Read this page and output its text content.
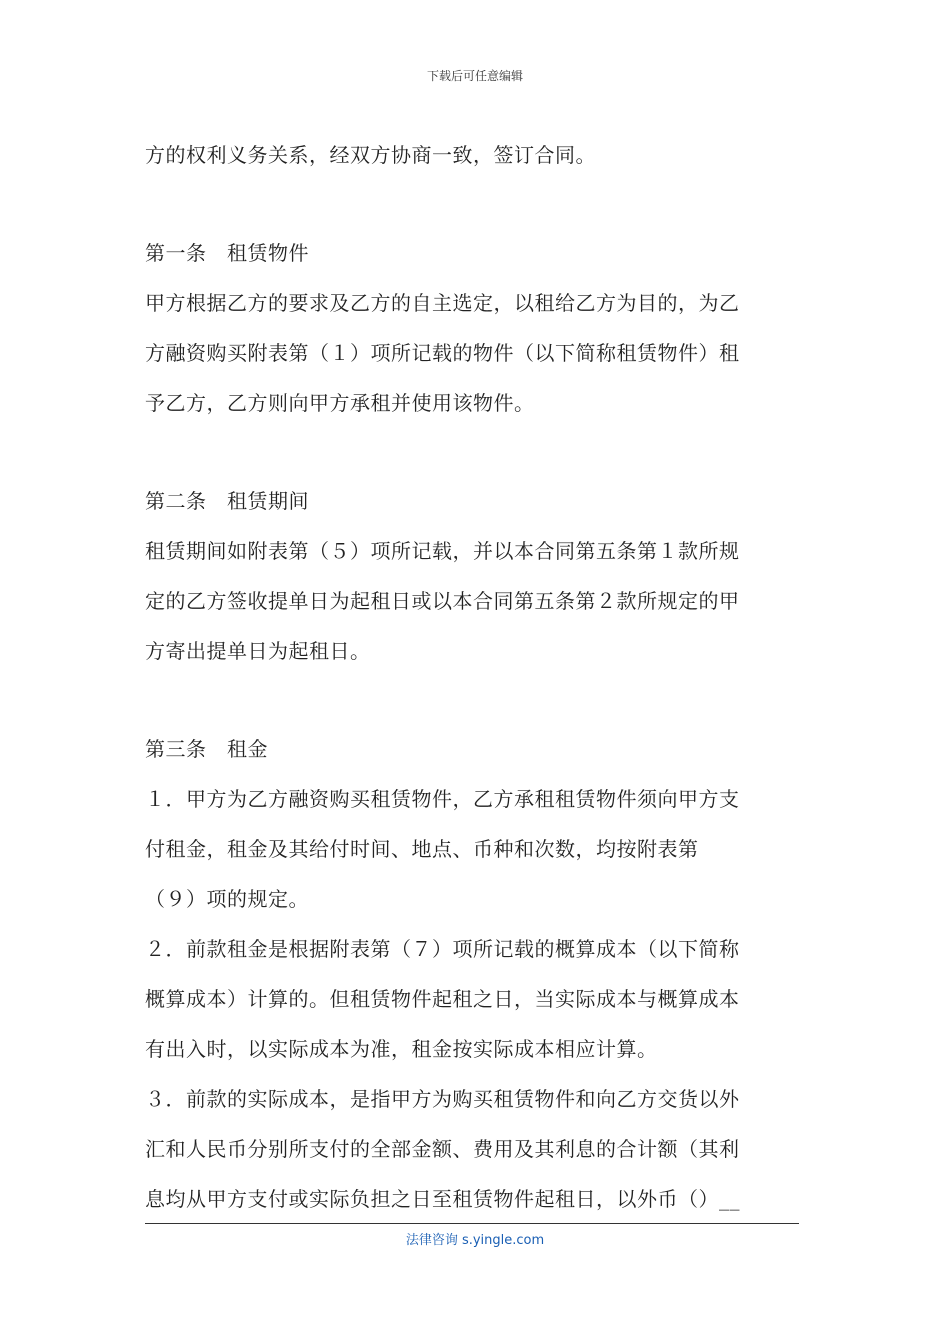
下载后可任意编辑
方的权利义务关系，经双方协商一致，签订合同。
第一条　租赁物件
甲方根据乙方的要求及乙方的自主选定，以租给乙方为目的，为乙
方融资购买附表第（１）项所记载的物件（以下简称租赁物件）租
予乙方，乙方则向甲方承租并使用该物件。
第二条　租赁期间
租赁期间如附表第（５）项所记载，并以本合同第五条第１款所规
定的乙方签收提单日为起租日或以本合同第五条第２款所规定的甲
方寄出提单日为起租日。
第三条　租金
１．甲方为乙方融资购买租赁物件，乙方承租租赁物件须向甲方支
付租金，租金及其给付时间、地点、币种和次数，均按附表第
（９）项的规定。
２．前款租金是根据附表第（７）项所记载的概算成本（以下简称
概算成本）计算的。但租赁物件起租之日，当实际成本与概算成本
有出入时，以实际成本为准，租金按实际成本相应计算。
３．前款的实际成本，是指甲方为购买租赁物件和向乙方交货以外
汇和人民币分别所支付的全部金额、费用及其利息的合计额（其利
息均从甲方支付或实际负担之日至租赁物件起租日，以外币（）__
法律咨询 s.yingle.com
